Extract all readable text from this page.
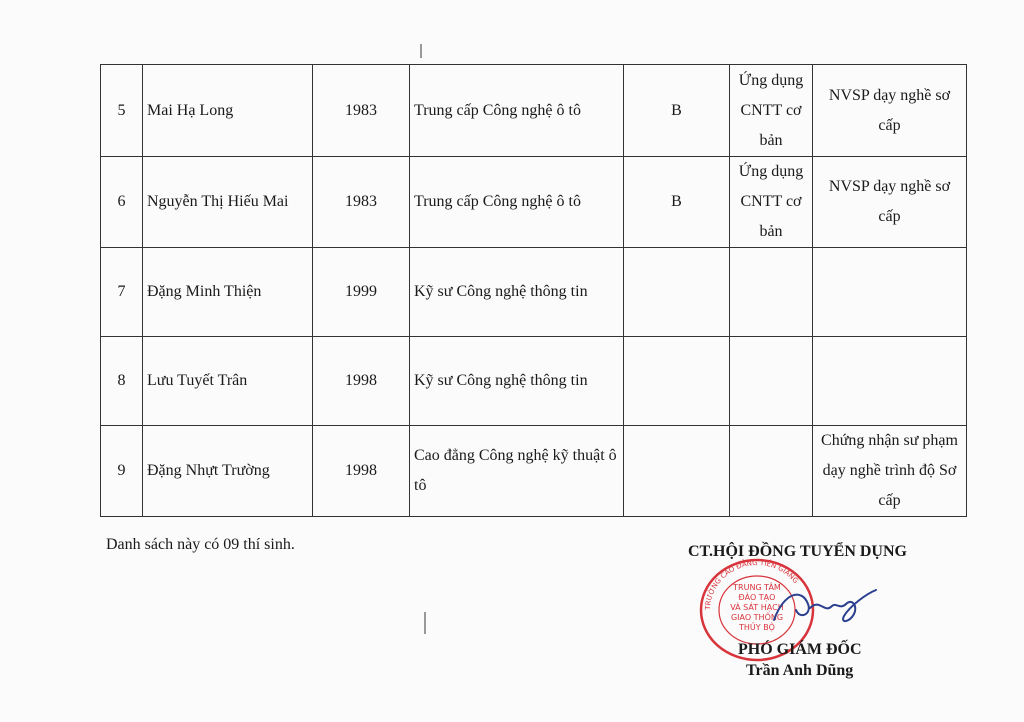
5	Mai Hạ Long	1983	Trung cấp Công nghệ ô tô	B	Ứng dụng CNTT cơ bản	NVSP dạy nghề sơ cấp
6	Nguyễn Thị Hiếu Mai	1983	Trung cấp Công nghệ ô tô	B	Ứng dụng CNTT cơ bản	NVSP dạy nghề sơ cấp
7	Đặng Minh Thiện	1999	Kỹ sư Công nghệ thông tin			
8	Lưu Tuyết Trân	1998	Kỹ sư Công nghệ thông tin			
9	Đặng Nhựt Trường	1998	Cao đẳng Công nghệ kỹ thuật ô tô			Chứng nhận sư phạm dạy nghề trình độ Sơ cấp
Danh sách này có 09 thí sinh.	CT.HỘI ĐỒNG TUYỂN DỤNG
TRƯỜNG CAO ĐẲNG TIỀN GIANG
TRUNG TÂM
ĐÀO TẠO
VÀ SÁT HẠCH
GIAO THÔNG
THỦY BỘ
PHÓ GIÁM ĐỐC
Trần Anh Dũng
